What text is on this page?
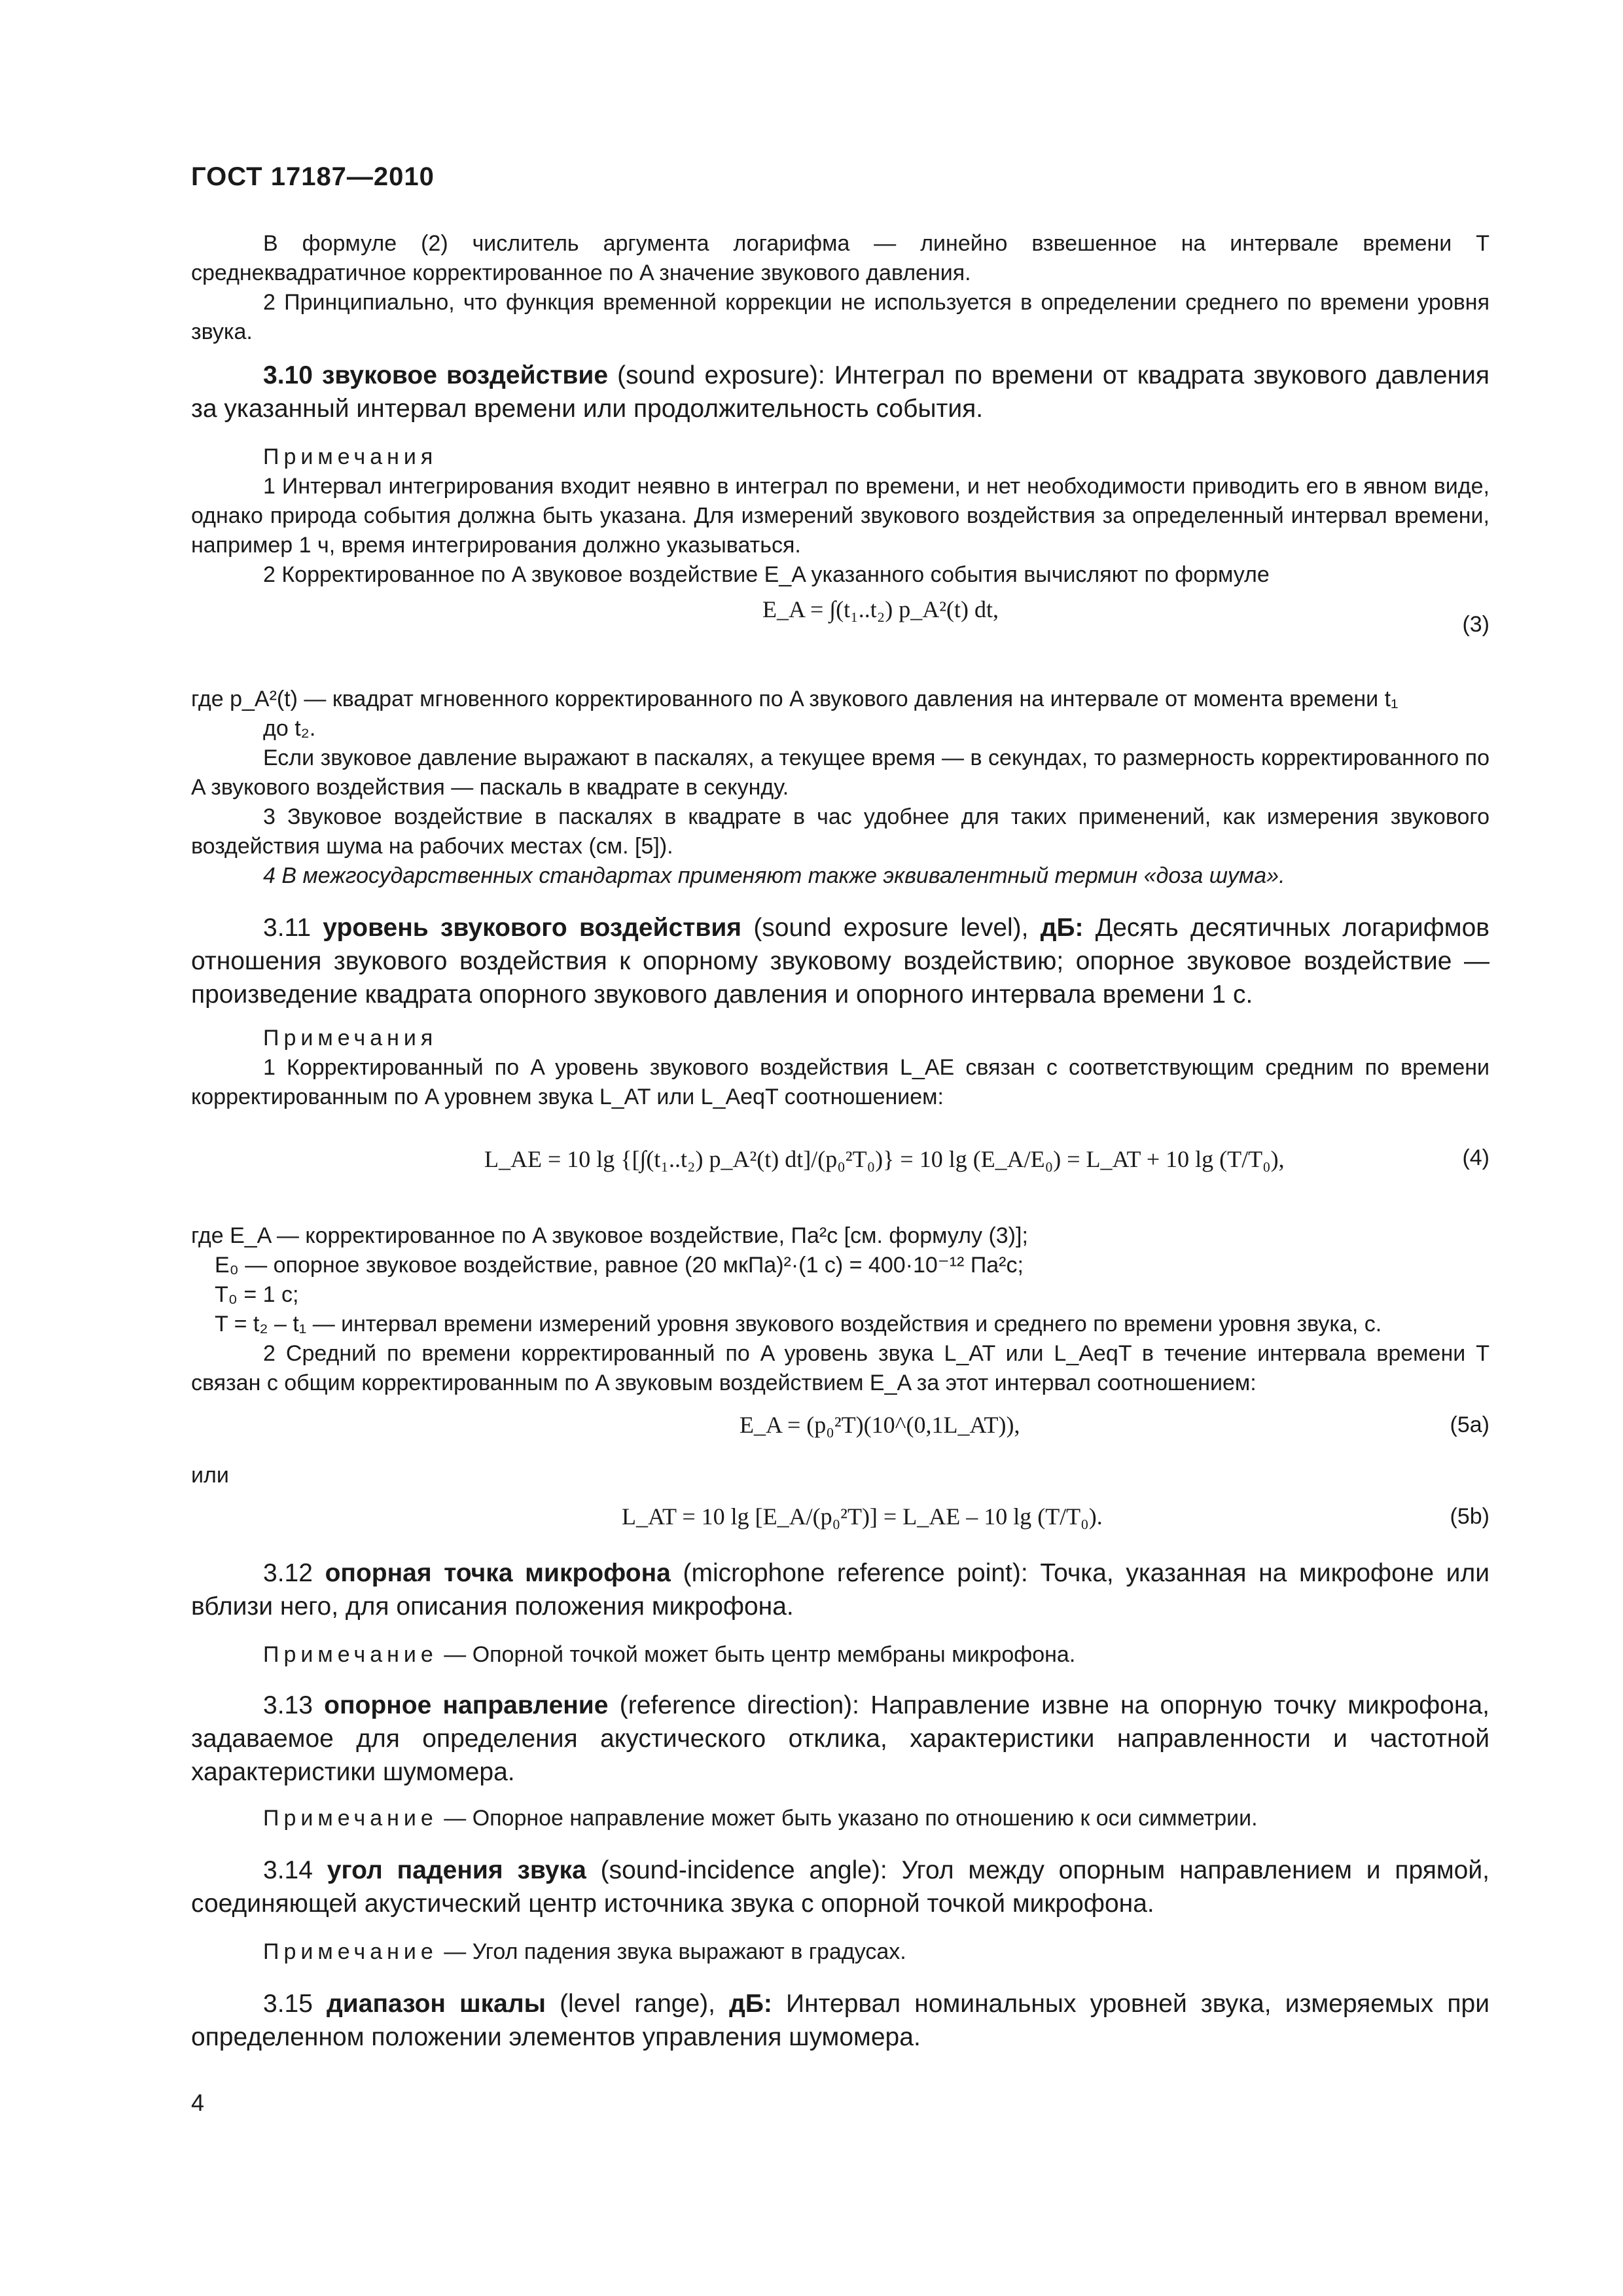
ГОСТ 17187—2010
В формуле (2) числитель аргумента логарифма — линейно взвешенное на интервале времени T среднеквадратичное корректированное по A значение звукового давления.
2 Принципиально, что функция временной коррекции не используется в определении среднего по времени уровня звука.
3.10 звуковое воздействие (sound exposure): Интеграл по времени от квадрата звукового давления за указанный интервал времени или продолжительность события.
Примечания
1 Интервал интегрирования входит неявно в интеграл по времени, и нет необходимости приводить его в явном виде, однако природа события должна быть указана. Для измерений звукового воздействия за определенный интервал времени, например 1 ч, время интегрирования должно указываться.
2 Корректированное по A звуковое воздействие E_A указанного события вычисляют по формуле
E_A = ∫(t₁..t₂) p_A²(t) dt,
(3)
где p_A²(t) — квадрат мгновенного корректированного по A звукового давления на интервале от момента времени t₁
до t₂.
Если звуковое давление выражают в паскалях, а текущее время — в секундах, то размерность корректированного по A звукового воздействия — паскаль в квадрате в секунду.
3 Звуковое воздействие в паскалях в квадрате в час удобнее для таких применений, как измерения звукового воздействия шума на рабочих местах (см. [5]).
4 В межгосударственных стандартах применяют также эквивалентный термин «доза шума».
3.11 уровень звукового воздействия (sound exposure level), дБ: Десять десятичных логарифмов отношения звукового воздействия к опорному звуковому воздействию; опорное звуковое воздействие — произведение квадрата опорного звукового давления и опорного интервала времени 1 с.
Примечания
1 Корректированный по A уровень звукового воздействия L_AE связан с соответствующим средним по времени корректированным по A уровнем звука L_AT или L_AeqT соотношением:
L_AE = 10 lg {[∫(t₁..t₂) p_A²(t) dt]/(p₀²T₀)} = 10 lg (E_A/E₀) = L_AT + 10 lg (T/T₀),	(4)
где E_A — корректированное по A звуковое воздействие, Па²с [см. формулу (3)];
E₀ — опорное звуковое воздействие, равное (20 мкПа)²·(1 с) = 400·10⁻¹² Па²с;
T₀ = 1 с;
T = t₂ – t₁ — интервал времени измерений уровня звукового воздействия и среднего по времени уровня звука, с.
2 Средний по времени корректированный по A уровень звука L_AT или L_AeqT в течение интервала времени T связан с общим корректированным по A звуковым воздействием E_A за этот интервал соотношением:
E_A = (p₀²T)(10^(0,1L_AT)),	(5a)
или
L_AT = 10 lg [E_A/(p₀²T)] = L_AE – 10 lg (T/T₀).	(5b)
3.12 опорная точка микрофона (microphone reference point): Точка, указанная на микрофоне или вблизи него, для описания положения микрофона.
Примечание — Опорной точкой может быть центр мембраны микрофона.
3.13 опорное направление (reference direction): Направление извне на опорную точку микрофона, задаваемое для определения акустического отклика, характеристики направленности и частотной характеристики шумомера.
Примечание — Опорное направление может быть указано по отношению к оси симметрии.
3.14 угол падения звука (sound-incidence angle): Угол между опорным направлением и прямой, соединяющей акустический центр источника звука с опорной точкой микрофона.
Примечание — Угол падения звука выражают в градусах.
3.15 диапазон шкалы (level range), дБ: Интервал номинальных уровней звука, измеряемых при определенном положении элементов управления шумомера.
4
